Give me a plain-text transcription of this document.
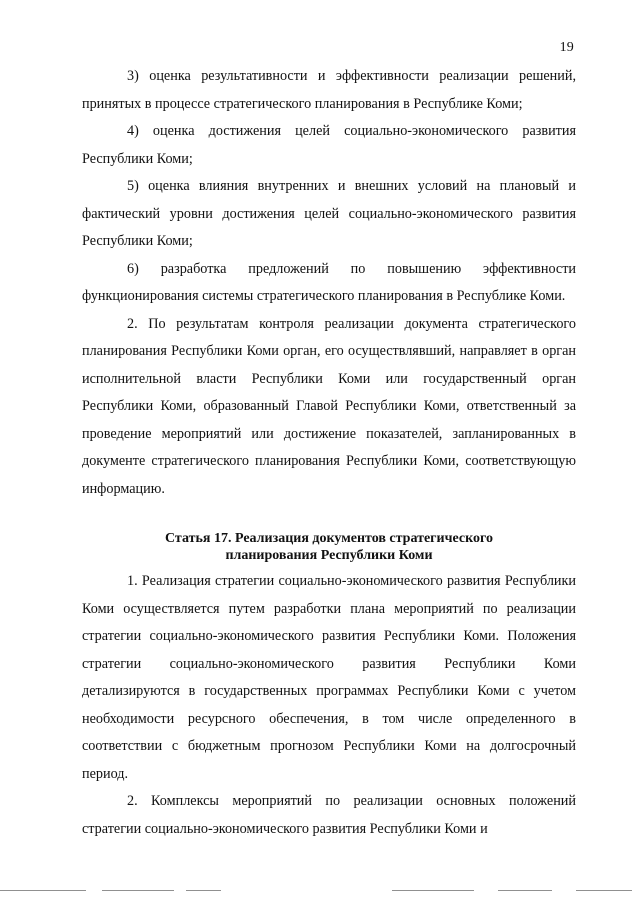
19

3) оценка результативности и эффективности реализации решений, принятых в процессе стратегического планирования в Республике Коми;

4) оценка достижения целей социально-экономического развития Республики Коми;

5) оценка влияния внутренних и внешних условий на плановый и фактический уровни достижения целей социально-экономического развития Республики Коми;

6) разработка предложений по повышению эффективности функционирования системы стратегического планирования в Республике Коми.

2. По результатам контроля реализации документа стратегического планирования Республики Коми орган, его осуществлявший, направляет в орган исполнительной власти Республики Коми или государственный орган Республики Коми, образованный Главой Республики Коми, ответственный за проведение мероприятий или достижение показателей, запланированных в документе стратегического планирования Республики Коми, соответствующую информацию.

Статья 17. Реализация документов стратегического
планирования Республики Коми

1. Реализация стратегии социально-экономического развития Республики Коми осуществляется путем разработки плана мероприятий по реализации стратегии социально-экономического развития Республики Коми. Положения стратегии социально-экономического развития Республики Коми детализируются в государственных программах Республики Коми с учетом необходимости ресурсного обеспечения, в том числе определенного в соответствии с бюджетным прогнозом Республики Коми на долгосрочный период.

2. Комплексы мероприятий по реализации основных положений стратегии социально-экономического развития Республики Коми и
